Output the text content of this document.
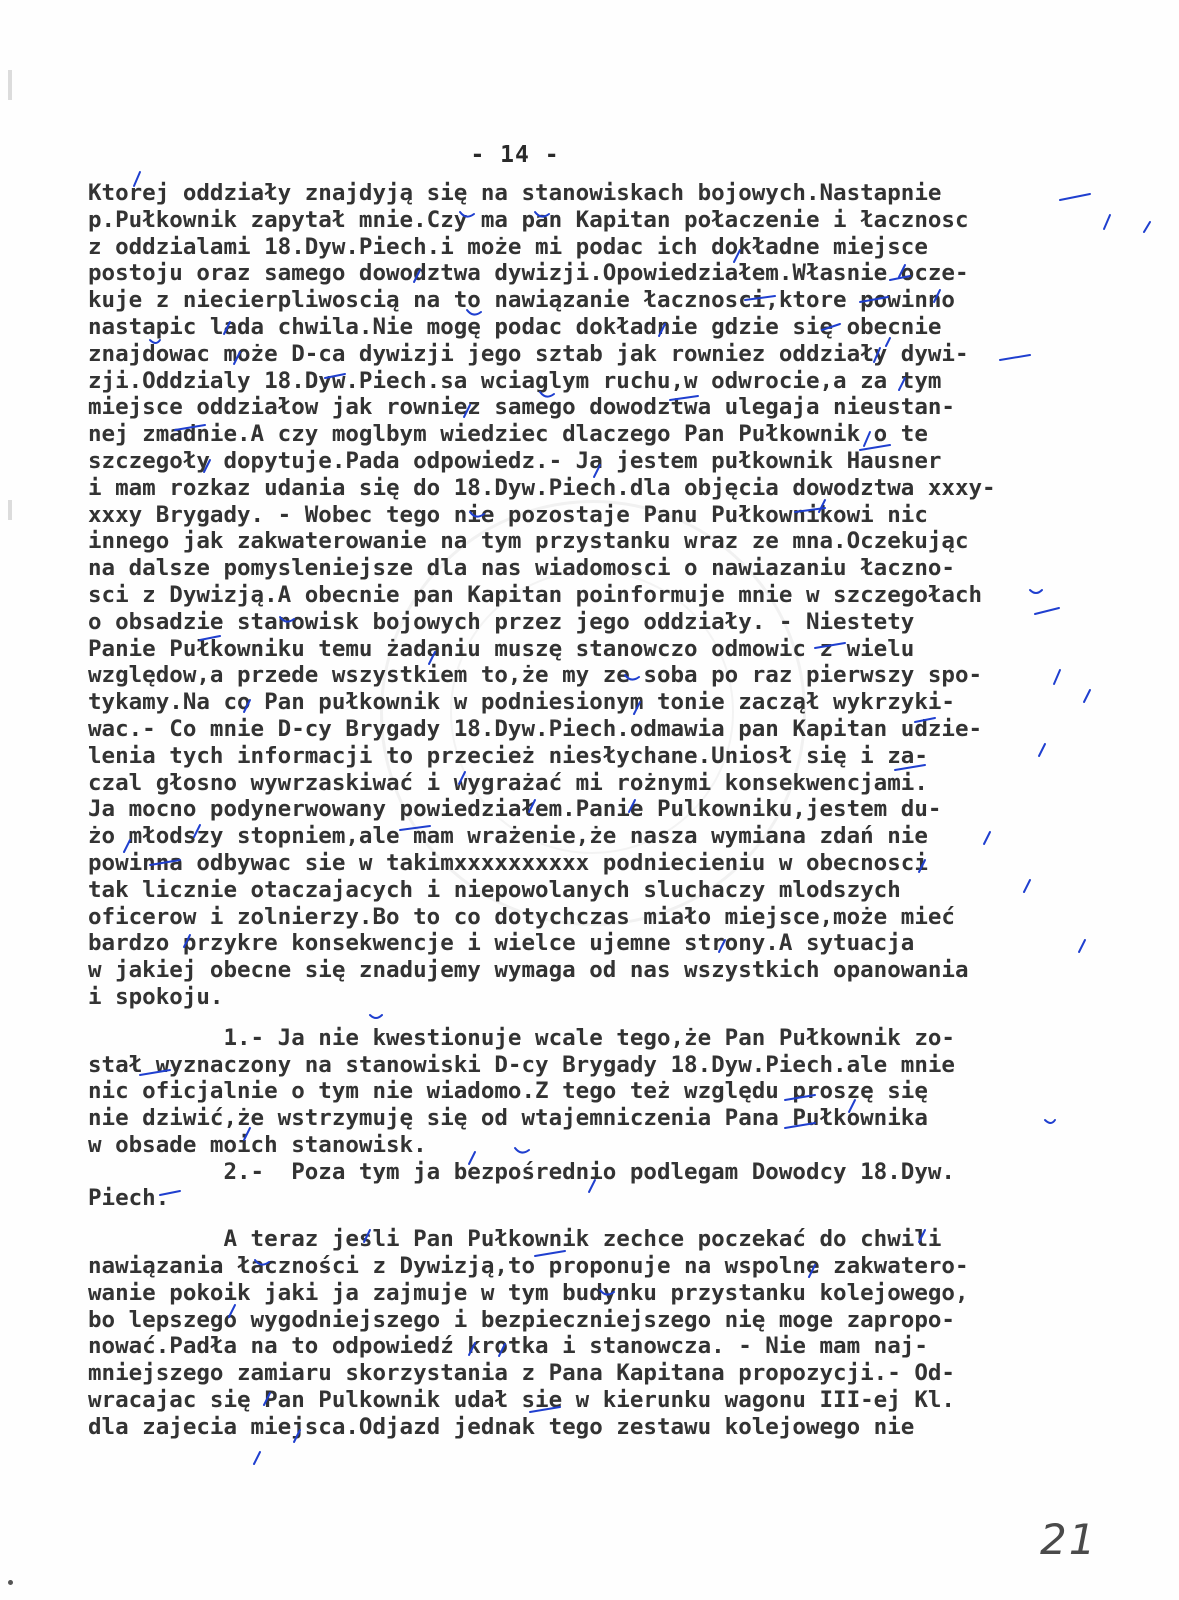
- 14 -
Ktorej oddziały znajdyją się na stanowiskach bojowych.Nastapnie
p.Pułkownik zapytał mnie.Czy ma pan Kapitan połaczenie i łacznosc
z oddzialami 18.Dyw.Piech.i może mi podac ich dokładne miejsce
postoju oraz samego dowodztwa dywizji.Opowiedziałem.Własnie ocze-
kuje z niecierpliwoscią na to nawiązanie łacznosci,ktore powinno
nastapic lada chwila.Nie mogę podac dokładnie gdzie się obecnie
znajdowac może D-ca dywizji jego sztab jak rowniez oddziały dywi-
zji.Oddzialy 18.Dyw.Piech.sa wciaglym ruchu,w odwrocie,a za tym
miejsce oddziałow jak rowniez samego dowodztwa ulegaja nieustan-
nej zmadnie.A czy moglbym wiedziec dlaczego Pan Pułkownik o te
szczegoły dopytuje.Pada odpowiedz.- Ja jestem pułkownik Hausner
i mam rozkaz udania się do 18.Dyw.Piech.dla objęcia dowodztwa xxxy-
xxxy Brygady. - Wobec tego nie pozostaje Panu Pułkownikowi nic
innego jak zakwaterowanie na tym przystanku wraz ze mna.Oczekując
na dalsze pomyslenieјsze dla nas wiadomosci o nawiazaniu łaczno-
sci z Dywizją.A obecnie pan Kapitan poinformuje mnie w szczegołach
o obsadzie stanowisk bojowych przez jego oddziały. - Niestety
Panie Pułkowniku temu żadaniu muszę stanowczo odmowic z wielu
względow,a przede wszystkiem to,że my ze soba po raz pierwszy spo-
tykamy.Na co Pan pułkownik w podniesionym tonie zaczął wykrzyki-
wac.- Co mnie D-cy Brygady 18.Dyw.Piech.odmawia pan Kapitan udzie-
lenia tych informacji to przecież niesłychane.Uniosł się i za-
czal głosno wywrzaskiwać i wygrażać mi rożnymi konsekwencjami.
Ja mocno podynerwowany powiedziałem.Panie Pulkowniku,jestem du-
żo młodszy stopniem,ale mam wrażenie,że nasza wymiana zdań nie
powinna odbywac sie w takimxxxxxxxxxx podniecieniu w obecnosci
tak licznie otaczajacych i niepowolanych sluchaczy mlodszych
oficerow i zolnierzy.Bo to co dotychczas miało miejsce,może mieć
bardzo przykre konsekwencje i wielce ujemne strony.A sytuacja
w jakiej obecne się znadujemy wymaga od nas wszystkich opanowania
i spokoju.
1.- Ja nie kwestionuje wcale tego,że Pan Pułkownik zo-
stał wyznaczony na stanowiski D-cy Brygady 18.Dyw.Piech.ale mnie
nic oficjalnie o tym nie wiadomo.Z tego też względu proszę się
nie dziwić,że wstrzymuję się od wtajemniczenia Pana Pułkownika
w obsade moich stanowisk.
2.-  Poza tym ja bezpośrednio podlegam Dowodcy 18.Dyw.
Piech.
A teraz jesli Pan Pułkownik zechce poczekać do chwili
nawiązania łaczności z Dywizją,to proponuje na wspolne zakwatero-
wanie pokoik jaki ja zajmuje w tym budynku przystanku kolejowego,
bo lepszego wygodniejszego i bezpieczniejszego nię moge zapropo-
nować.Padła na to odpowiedź krotka i stanowcza. - Nie mam naj-
mniejszego zamiaru skorzystania z Pana Kapitana propozycji.- Od-
wracajac się Pan Pulkownik udał sie w kierunku wagonu III-ej Kl.
dla zajecia miejsca.Odjazd jednak tego zestawu kolejowego nie
21
